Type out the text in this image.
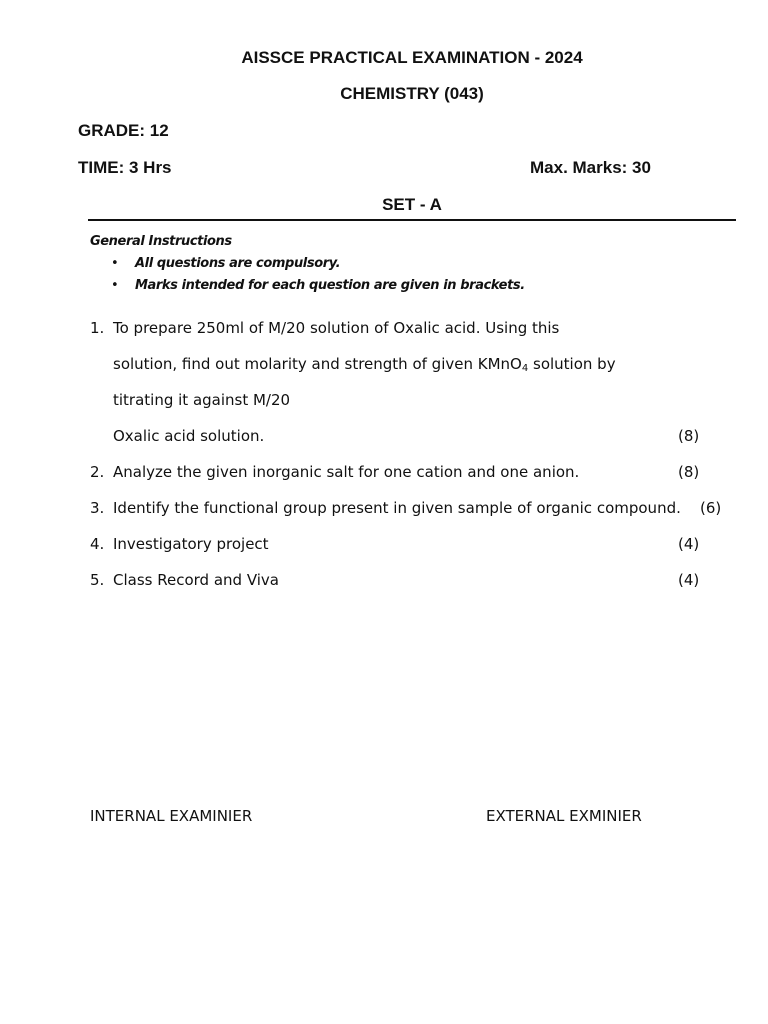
AISSCE PRACTICAL EXAMINATION - 2024
CHEMISTRY (043)
GRADE: 12
TIME: 3 Hrs	Max. Marks: 30
SET - A
General Instructions
• All questions are compulsory.
• Marks intended for each question are given in brackets.
1. To prepare 250ml of M/20 solution of Oxalic acid. Using this
solution, find out molarity and strength of given KMnO$_4$ solution by
titrating it against M/20
Oxalic acid solution.	(8)
2. Analyze the given inorganic salt for one cation and one anion.	(8)
3. Identify the functional group present in given sample of organic compound. (6)
4. Investigatory project	(4)
5. Class Record and Viva	(4)
INTERNAL EXAMINIER	EXTERNAL EXMINIER
